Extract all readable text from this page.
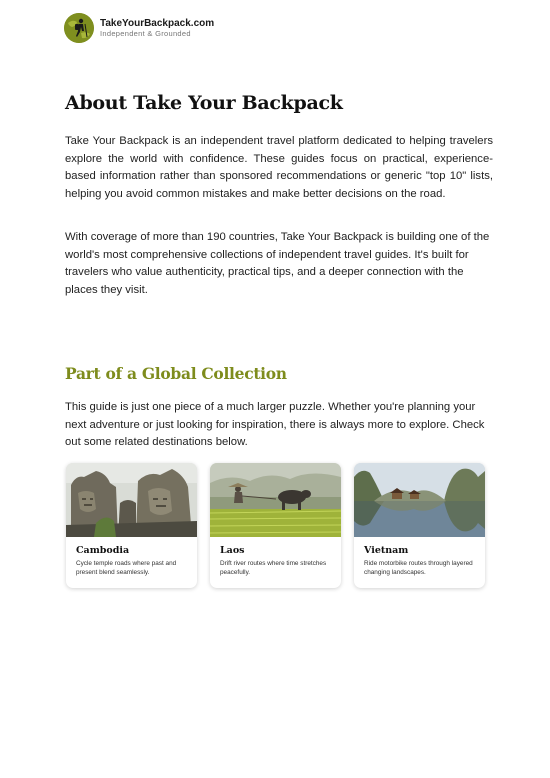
TakeYourBackpack.com
Independent & Grounded
About Take Your Backpack

Take Your Backpack is an independent travel platform dedicated to helping travelers explore the world with confidence. These guides focus on practical, experience-based information rather than sponsored recommendations or generic "top 10" lists, helping you avoid common mistakes and make better decisions on the road.

With coverage of more than 190 countries, Take Your Backpack is building one of the world's most comprehensive collections of independent travel guides. It's built for travelers who value authenticity, practical tips, and a deeper connection with the places they visit.

Part of a Global Collection

This guide is just one piece of a much larger puzzle. Whether you're planning your next adventure or just looking for inspiration, there is always more to explore. Check out some related destinations below.

Cambodia
Cycle temple roads where past and present blend seamlessly.
Laos
Drift river routes where time stretches peacefully.
Vietnam
Ride motorbike routes through layered changing landscapes.
